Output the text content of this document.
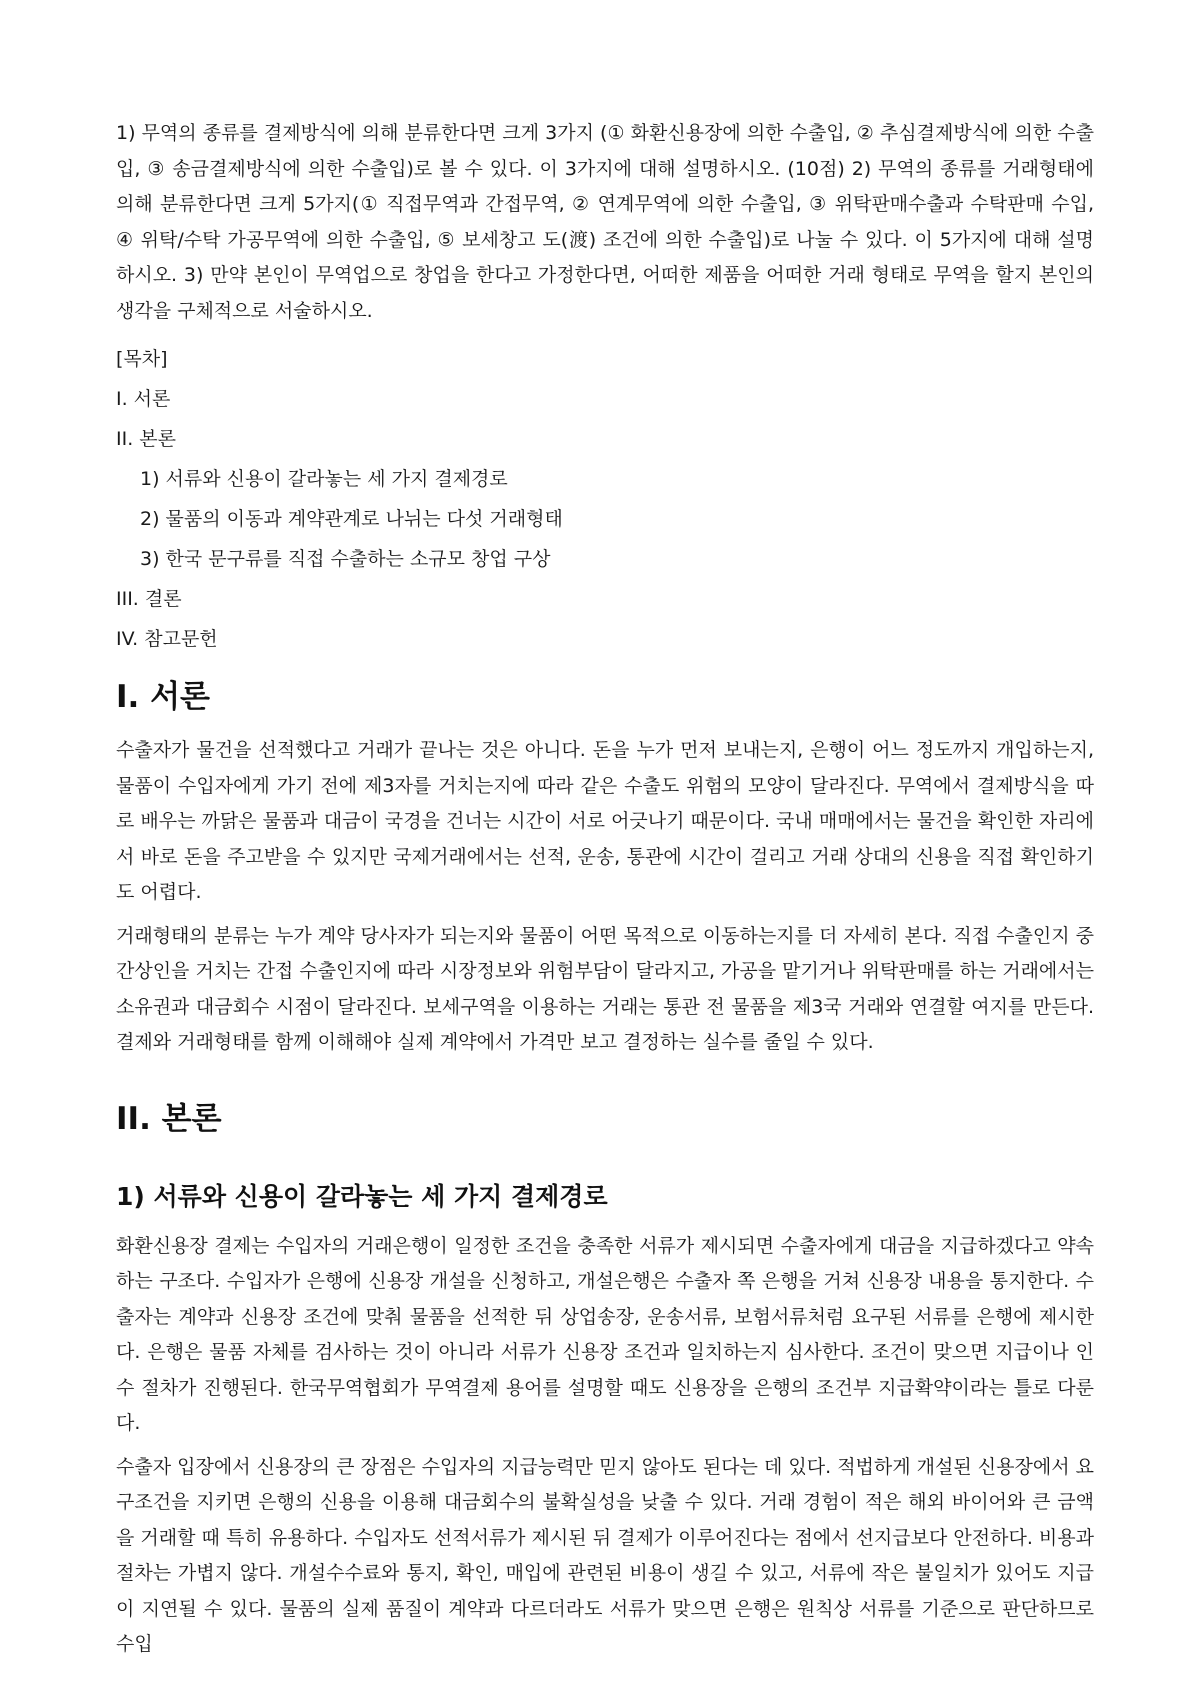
1) 무역의 종류를 결제방식에 의해 분류한다면 크게 3가지 (① 화환신용장에 의한 수출입, ② 추심결제방식에 의한 수출입, ③ 송금결제방식에 의한 수출입)로 볼 수 있다. 이 3가지에 대해 설명하시오. (10점) 2) 무역의 종류를 거래형태에 의해 분류한다면 크게 5가지(① 직접무역과 간접무역, ② 연계무역에 의한 수출입, ③ 위탁판매수출과 수탁판매 수입, ④ 위탁/수탁 가공무역에 의한 수출입, ⑤ 보세창고 도(渡) 조건에 의한 수출입)로 나눌 수 있다. 이 5가지에 대해 설명하시오. 3) 만약 본인이 무역업으로 창업을 한다고 가정한다면, 어떠한 제품을 어떠한 거래 형태로 무역을 할지 본인의 생각을 구체적으로 서술하시오.

[목차]
I. 서론
II. 본론
1) 서류와 신용이 갈라놓는 세 가지 결제경로
2) 물품의 이동과 계약관계로 나뉘는 다섯 거래형태
3) 한국 문구류를 직접 수출하는 소규모 창업 구상
III. 결론
IV. 참고문헌
I. 서론

수출자가 물건을 선적했다고 거래가 끝나는 것은 아니다. 돈을 누가 먼저 보내는지, 은행이 어느 정도까지 개입하는지, 물품이 수입자에게 가기 전에 제3자를 거치는지에 따라 같은 수출도 위험의 모양이 달라진다. 무역에서 결제방식을 따로 배우는 까닭은 물품과 대금이 국경을 건너는 시간이 서로 어긋나기 때문이다. 국내 매매에서는 물건을 확인한 자리에서 바로 돈을 주고받을 수 있지만 국제거래에서는 선적, 운송, 통관에 시간이 걸리고 거래 상대의 신용을 직접 확인하기도 어렵다.

거래형태의 분류는 누가 계약 당사자가 되는지와 물품이 어떤 목적으로 이동하는지를 더 자세히 본다. 직접 수출인지 중간상인을 거치는 간접 수출인지에 따라 시장정보와 위험부담이 달라지고, 가공을 맡기거나 위탁판매를 하는 거래에서는 소유권과 대금회수 시점이 달라진다. 보세구역을 이용하는 거래는 통관 전 물품을 제3국 거래와 연결할 여지를 만든다. 결제와 거래형태를 함께 이해해야 실제 계약에서 가격만 보고 결정하는 실수를 줄일 수 있다.

II. 본론
1) 서류와 신용이 갈라놓는 세 가지 결제경로

화환신용장 결제는 수입자의 거래은행이 일정한 조건을 충족한 서류가 제시되면 수출자에게 대금을 지급하겠다고 약속하는 구조다. 수입자가 은행에 신용장 개설을 신청하고, 개설은행은 수출자 쪽 은행을 거쳐 신용장 내용을 통지한다. 수출자는 계약과 신용장 조건에 맞춰 물품을 선적한 뒤 상업송장, 운송서류, 보험서류처럼 요구된 서류를 은행에 제시한다. 은행은 물품 자체를 검사하는 것이 아니라 서류가 신용장 조건과 일치하는지 심사한다. 조건이 맞으면 지급이나 인수 절차가 진행된다. 한국무역협회가 무역결제 용어를 설명할 때도 신용장을 은행의 조건부 지급확약이라는 틀로 다룬다.

수출자 입장에서 신용장의 큰 장점은 수입자의 지급능력만 믿지 않아도 된다는 데 있다. 적법하게 개설된 신용장에서 요구조건을 지키면 은행의 신용을 이용해 대금회수의 불확실성을 낮출 수 있다. 거래 경험이 적은 해외 바이어와 큰 금액을 거래할 때 특히 유용하다. 수입자도 선적서류가 제시된 뒤 결제가 이루어진다는 점에서 선지급보다 안전하다. 비용과 절차는 가볍지 않다. 개설수수료와 통지, 확인, 매입에 관련된 비용이 생길 수 있고, 서류에 작은 불일치가 있어도 지급이 지연될 수 있다. 물품의 실제 품질이 계약과 다르더라도 서류가 맞으면 은행은 원칙상 서류를 기준으로 판단하므로 수입
